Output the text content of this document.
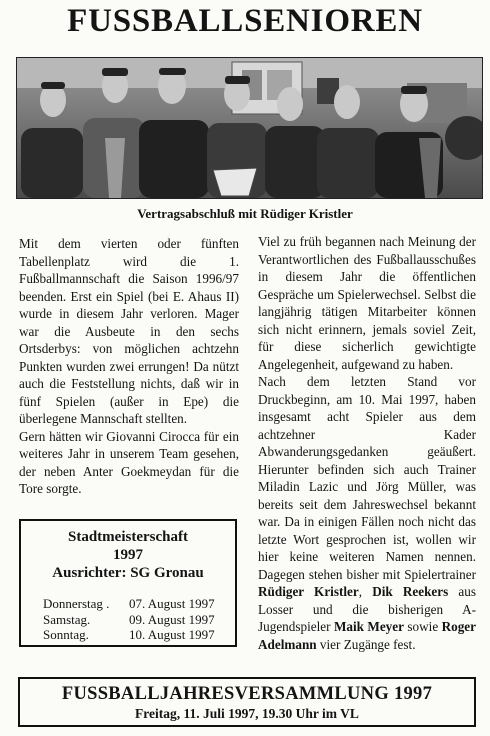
FUSSBALLSENIOREN
Vertragsabschluß mit Rüdiger Kristler

Mit dem vierten oder fünften Tabellenplatz wird die 1. Fußballmannschaft die Saison 1996/97 beenden. Erst ein Spiel (bei E. Ahaus II) wurde in diesem Jahr verloren. Mager war die Ausbeute in den sechs Ortsderbys: von möglichen achtzehn Punkten wurden zwei errungen! Da nützt auch die Feststellung nichts, daß wir in fünf Spielen (außer in Epe) die überlegene Mannschaft stellten.

Gern hätten wir Giovanni Cirocca für ein weiteres Jahr in unserem Team gesehen, der neben Anter Goekmeydan für die Tore sorgte.

Viel zu früh begannen nach Meinung der Verantwortlichen des Fußballausschußes in diesem Jahr die öffentlichen Gespräche um Spielerwechsel. Selbst die langjährig tätigen Mitarbeiter können sich nicht erinnern, jemals soviel Zeit, für diese sicherlich gewichtigte Angelegenheit, aufgewand zu haben.

Nach dem letzten Stand vor Druckbeginn, am 10. Mai 1997, haben insgesamt acht Spieler aus dem achtzehner Kader Abwanderungsgedanken geäußert. Hierunter befinden sich auch Trainer Miladin Lazic und Jörg Müller, was bereits seit dem Jahreswechsel bekannt war. Da in einigen Fällen noch nicht das letzte Wort gesprochen ist, wollen wir hier keine weiteren Namen nennen. Dagegen stehen bisher mit Spielertrainer Rüdiger Kristler, Dik Reekers aus Losser und die bisherigen A-Jugendspieler Maik Meyer sowie Roger Adelmann vier Zugänge fest.

Stadtmeisterschaft
1997
Ausrichter: SG Gronau
Donnerstag .	07. August 1997
Samstag.	09. August 1997
Sonntag.	10. August 1997
FUSSBALLJAHRESVERSAMMLUNG 1997
Freitag, 11. Juli 1997, 19.30 Uhr im VL
